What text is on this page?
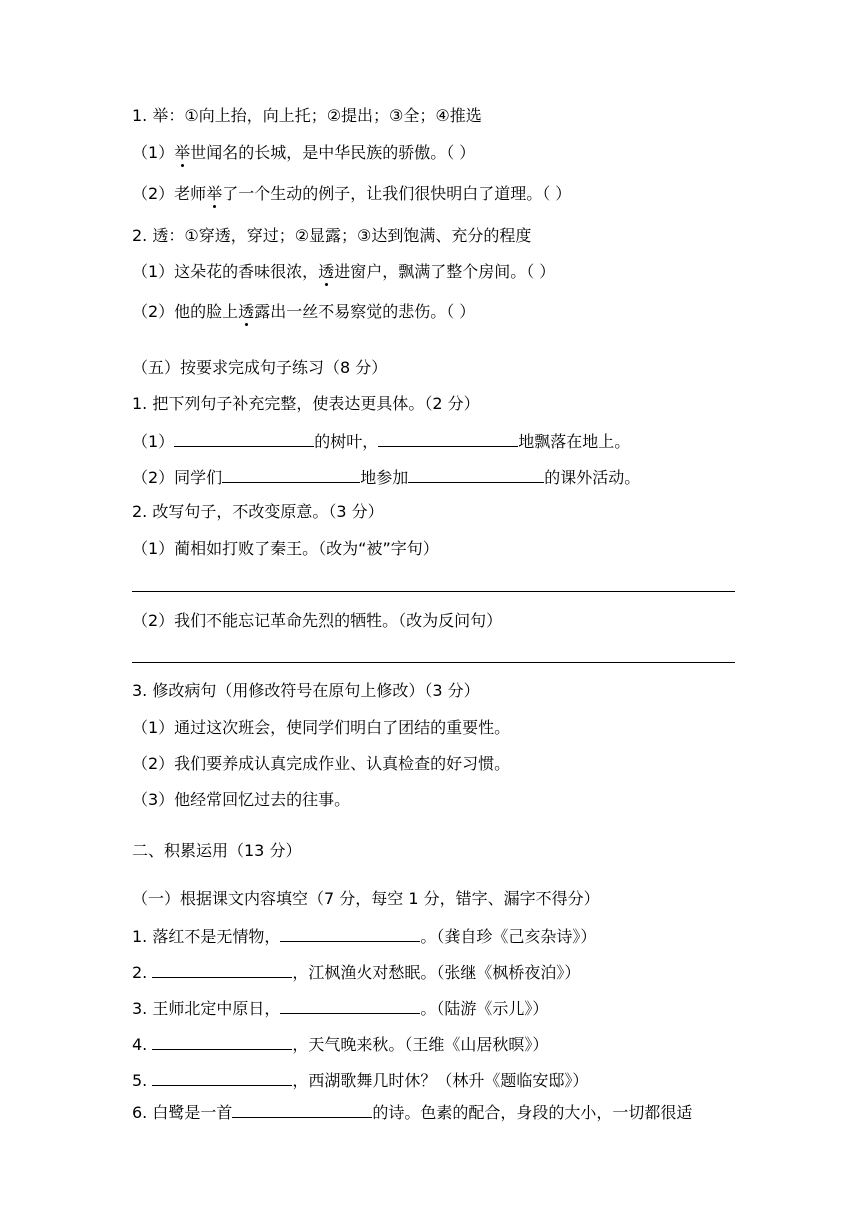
1. 举：①向上抬，向上托；②提出；③全；④推选
（1）举世闻名的长城，是中华民族的骄傲。（ ）
（2）老师举了一个生动的例子，让我们很快明白了道理。（ ）
2. 透：①穿透，穿过；②显露；③达到饱满、充分的程度
（1）这朵花的香味很浓，透进窗户，飘满了整个房间。（ ）
（2）他的脸上透露出一丝不易察觉的悲伤。（ ）
（五）按要求完成句子练习（8 分）
1. 把下列句子补充完整，使表达更具体。（2 分）
（1）	的树叶，	地飘落在地上。
（2）同学们	地参加	的课外活动。
2. 改写句子，不改变原意。（3 分）
（1）蔺相如打败了秦王。（改为“被”字句）
（2）我们不能忘记革命先烈的牺牲。（改为反问句）
3. 修改病句（用修改符号在原句上修改）（3 分）
（1）通过这次班会，使同学们明白了团结的重要性。
（2）我们要养成认真完成作业、认真检查的好习惯。
（3）他经常回忆过去的往事。
二、积累运用（13 分）
（一）根据课文内容填空（7 分，每空 1 分，错字、漏字不得分）
1. 落红不是无情物，	。（龚自珍《己亥杂诗》）
2.	，江枫渔火对愁眠。（张继《枫桥夜泊》）
3. 王师北定中原日，	。（陆游《示儿》）
4.	，天气晚来秋。（王维《山居秋暝》）
5.	，西湖歌舞几时休？（林升《题临安邸》）
6. 白鹭是一首	的诗。色素的配合，身段的大小，一切都很适
